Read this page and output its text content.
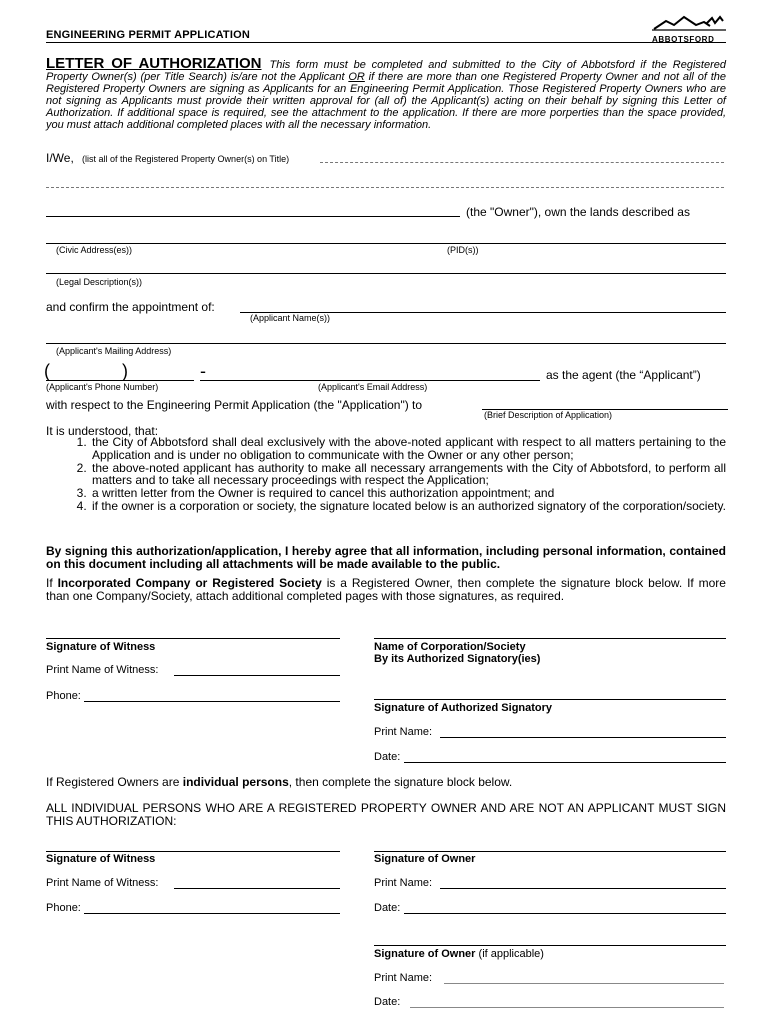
ENGINEERING PERMIT APPLICATION	ABBOTSFORD
LETTER OF AUTHORIZATION This form must be completed and submitted to the City of Abbotsford if the Registered Property Owner(s) (per Title Search) is/are not the Applicant OR if there are more than one Registered Property Owner and not all of the Registered Property Owners are signing as Applicants for an Engineering Permit Application. Those Registered Property Owners who are not signing as Applicants must provide their written approval for (all of) the Applicant(s) acting on their behalf by signing this Letter of Authorization. If additional space is required, see the attachment to the application. If there are more porperties than the space provided, you must attach additional completed places with all the necessary information.
I/We, (list all of the Registered Property Owner(s) on Title)
(the "Owner"), own the lands described as
(Civic Address(es))	(PID(s))
(Legal Description(s))
and confirm the appointment of:
(Applicant Name(s))
(Applicant's Mailing Address)
(	)	-	as the agent (the “Applicant”)
(Applicant's Phone Number)	(Applicant's Email Address)
with respect to the Engineering Permit Application (the "Application") to
(Brief Description of Application)
It is understood, that:
1. the City of Abbotsford shall deal exclusively with the above-noted applicant with respect to all matters pertaining to the Application and is under no obligation to communicate with the Owner or any other person;
2. the above-noted applicant has authority to make all necessary arrangements with the City of Abbotsford, to perform all matters and to take all necessary proceedings with respect the Application;
3. a written letter from the Owner is required to cancel this authorization appointment; and
4. if the owner is a corporation or society, the signature located below is an authorized signatory of the corporation/society.
By signing this authorization/application, I hereby agree that all information, including personal information, contained on this document including all attachments will be made available to the public.
If Incorporated Company or Registered Society is a Registered Owner, then complete the signature block below. If more than one Company/Society, attach additional completed pages with those signatures, as required.
Signature of Witness
Print Name of Witness:
Phone:
Name of Corporation/Society
By its Authorized Signatory(ies)
Signature of Authorized Signatory
Print Name:
Date:
If Registered Owners are individual persons, then complete the signature block below.
ALL INDIVIDUAL PERSONS WHO ARE A REGISTERED PROPERTY OWNER AND ARE NOT AN APPLICANT MUST SIGN THIS AUTHORIZATION:
Signature of Witness
Print Name of Witness:
Phone:
Signature of Owner
Print Name:
Date:
Signature of Owner (if applicable)
Print Name:
Date:
